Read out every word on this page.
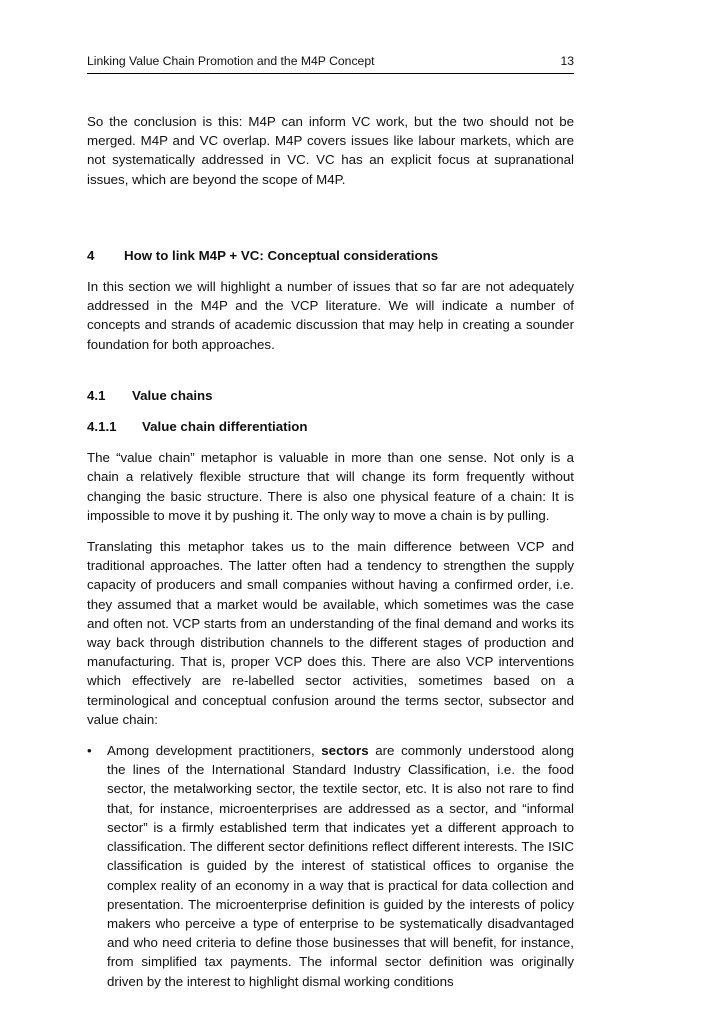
Linking Value Chain Promotion and the M4P Concept	13

So the conclusion is this: M4P can inform VC work, but the two should not be merged. M4P and VC overlap. M4P covers issues like labour markets, which are not systematically addressed in VC. VC has an explicit focus at supranational issues, which are beyond the scope of M4P.

4	How to link M4P + VC: Conceptual considerations

In this section we will highlight a number of issues that so far are not adequately addressed in the M4P and the VCP literature. We will indicate a number of concepts and strands of academic discussion that may help in creating a sounder foundation for both approaches.

4.1	Value chains
4.1.1	Value chain differentiation

The “value chain” metaphor is valuable in more than one sense. Not only is a chain a relatively flexible structure that will change its form frequently without changing the basic structure. There is also one physical feature of a chain: It is impossible to move it by pushing it. The only way to move a chain is by pulling.

Translating this metaphor takes us to the main difference between VCP and traditional approaches. The latter often had a tendency to strengthen the supply capacity of producers and small companies without having a confirmed order, i.e. they assumed that a market would be available, which sometimes was the case and often not. VCP starts from an understanding of the final demand and works its way back through distribution channels to the different stages of production and manufacturing. That is, proper VCP does this. There are also VCP interventions which effectively are re-labelled sector activities, sometimes based on a terminological and conceptual confusion around the terms sector, subsector and value chain:

•	Among development practitioners, sectors are commonly understood along the lines of the International Standard Industry Classification, i.e. the food sector, the metalworking sector, the textile sector, etc. It is also not rare to find that, for instance, microenterprises are addressed as a sector, and “informal sector” is a firmly established term that indicates yet a different approach to classification. The different sector definitions reflect different interests. The ISIC classification is guided by the interest of statistical offices to organise the complex reality of an economy in a way that is practical for data collection and presentation. The microenterprise definition is guided by the interests of policy makers who perceive a type of enterprise to be systematically disadvantaged and who need criteria to define those businesses that will benefit, for instance, from simplified tax payments. The informal sector definition was originally driven by the interest to highlight dismal working conditions
